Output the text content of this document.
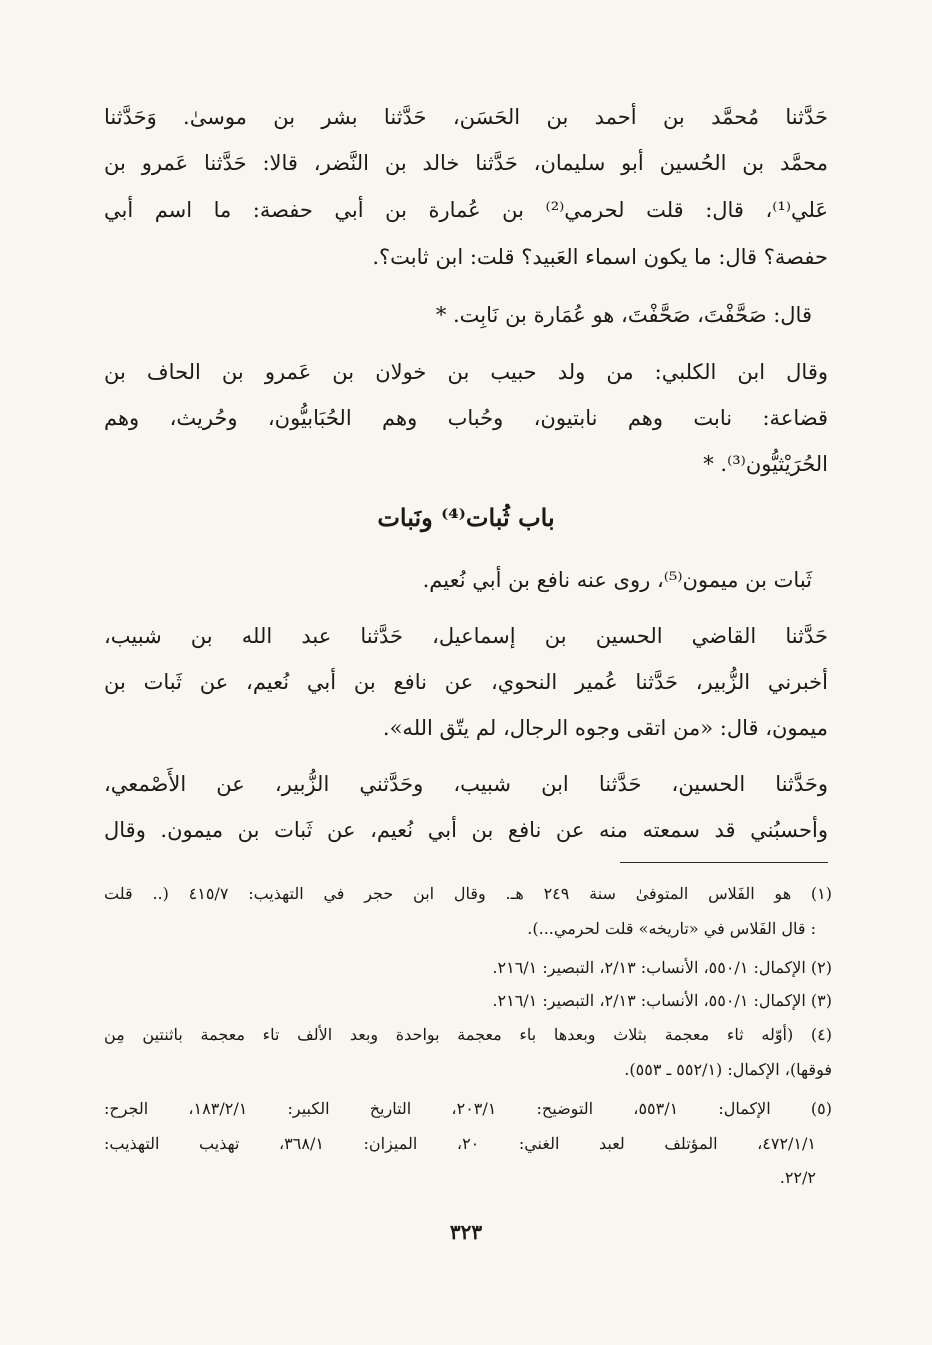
حَدَّثنا مُحمَّد بن أحمد بن الحَسَن، حَدَّثنا بشر بن موسىٰ. وَحَدَّثنا
محمَّد بن الحُسين أبو سليمان، حَدَّثنا خالد بن النَّضر، قالا: حَدَّثنا عَمرو بن
عَلي⁽¹⁾، قال: قلت لحرمي⁽²⁾ بن عُمارة بن أبي حفصة: ما اسم أبي
حفصة؟ قال: ما يكون اسماء العَبيد؟ قلت: ابن ثابت؟.
قال: صَحَّفْتَ، صَحَّفْتَ، هو عُمَارة بن نَابِت. *
وقال ابن الكلبي: من ولد حبيب بن خولان بن عَمرو بن الحاف بن
قضاعة: نابت وهم نابتيون، وحُباب وهم الحُبَابيُّون، وحُريث، وهم
الحُرَيْثيُّون⁽³⁾. *
باب ثُبات⁽⁴⁾ ونَبات
ثَبات بن ميمون⁽⁵⁾، روى عنه نافع بن أبي نُعيم.
حَدَّثنا القاضي الحسين بن إسماعيل، حَدَّثنا عبد الله بن شبيب،
أخبرني الزُّبير، حَدَّثنا عُمير النحوي، عن نافع بن أبي نُعيم، عن ثَبات بن
ميمون، قال: «من اتقى وجوه الرجال، لم يتّق الله».
وحَدَّثنا الحسين، حَدَّثنا ابن شبيب، وحَدَّثني الزُّبير، عن الأَصْمعي،
وأحسبُني قد سمعته منه عن نافع بن أبي نُعيم، عن ثَبات بن ميمون. وقال
(١) هو الفَلاس المتوفىٰ سنة ٢٤٩ هـ. وقال ابن حجر في التهذيب: ٤١٥/٧ (.. قلت
: قال الفَلاس في «تاريخه» قلت لحرمي...).
(٢) الإكمال: ٥٥٠/١، الأنساب: ٢/١٣، التبصير: ٢١٦/١.
(٣) الإكمال: ٥٥٠/١، الأنساب: ٢/١٣، التبصير: ٢١٦/١.
(٤) (أوّله ثاء معجمة بثلاث وبعدها باء معجمة بواحدة وبعد الألف تاء معجمة باثنتين مِن
فوقها)، الإكمال: (٥٥٢/١ ـ ٥٥٣).
(٥) الإكمال: ٥٥٣/١، التوضيح: ٢٠٣/١، التاريخ الكبير: ١٨٣/٢/١، الجرح:
٤٧٢/١/١، المؤتلف لعبد الغني: ٢٠، الميزان: ٣٦٨/١، تهذيب التهذيب:
٢٢/٢.
٣٢٣
